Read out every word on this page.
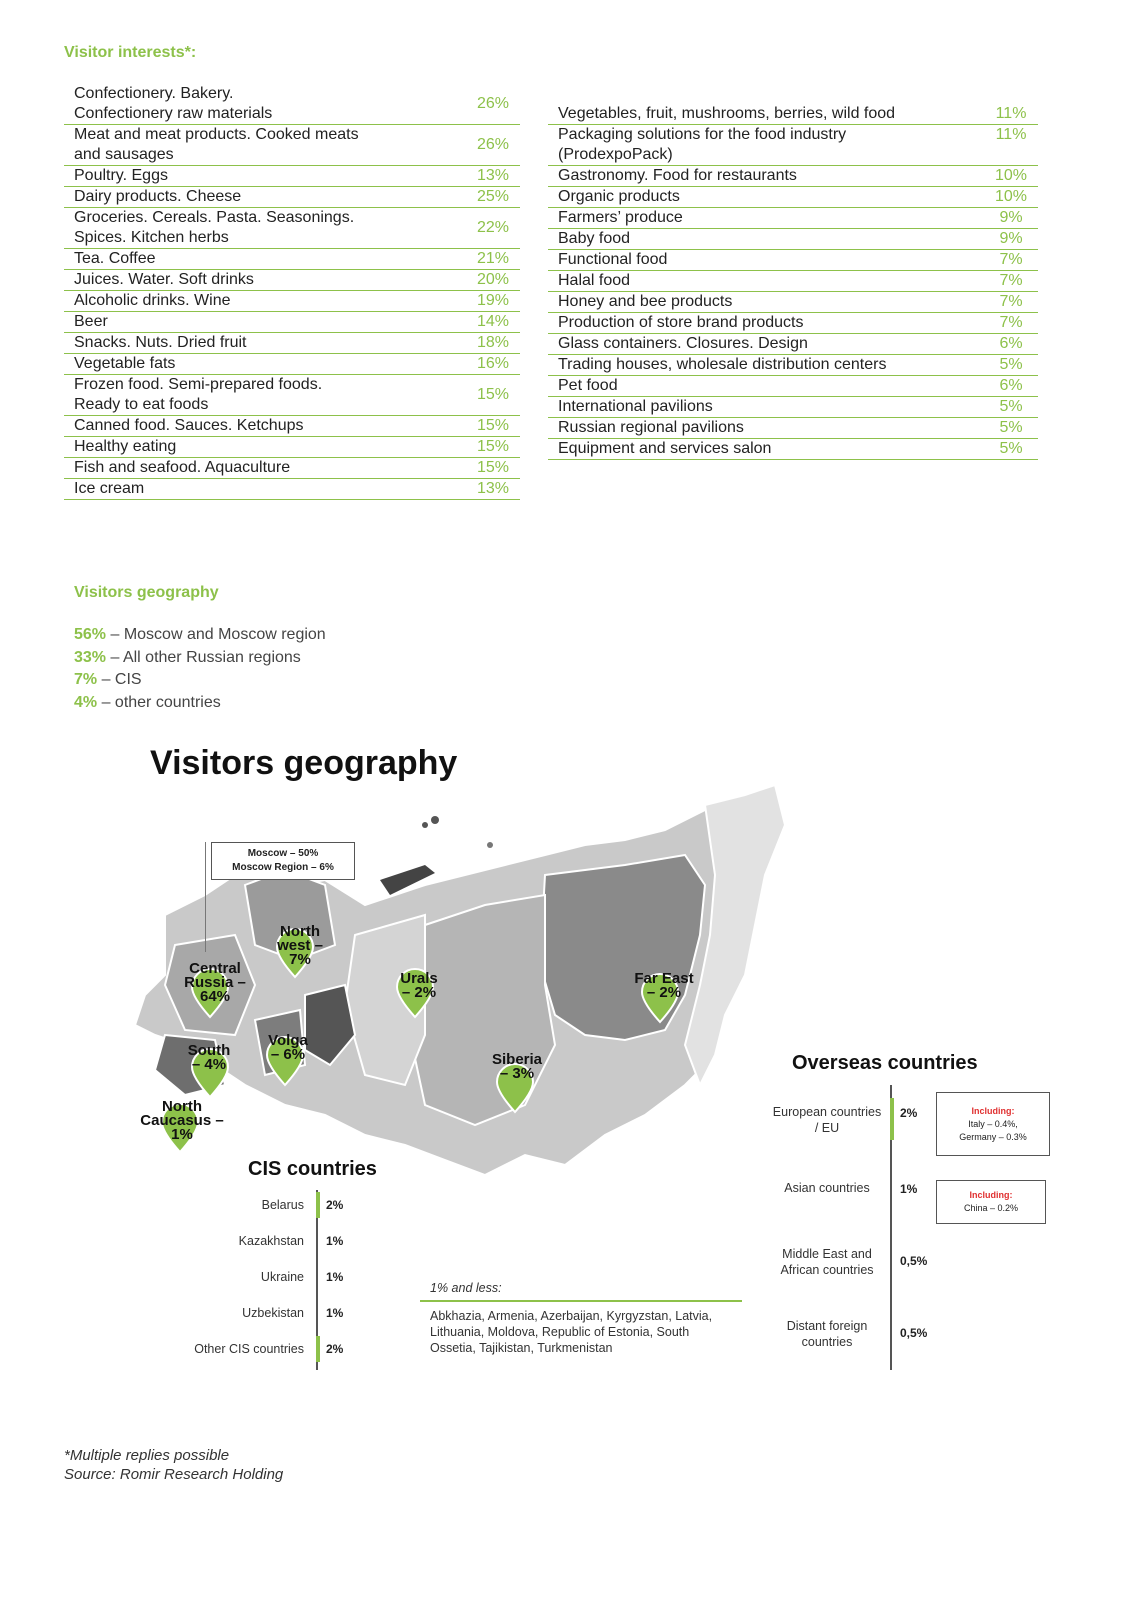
Visitor interests*:
Confectionery. Bakery.
Confectionery raw materials	26%
Meat and meat products. Cooked meats
and sausages	26%
Poultry. Eggs	13%
Dairy products. Cheese	25%
Groceries. Cereals. Pasta. Seasonings.
Spices. Kitchen herbs	22%
Tea. Coffee	21%
Juices. Water. Soft drinks	20%
Alcoholic drinks. Wine	19%
Beer	14%
Snacks. Nuts. Dried fruit	18%
Vegetable fats	16%
Frozen food. Semi-prepared foods.
Ready to eat foods	15%
Canned food. Sauces. Ketchups	15%
Healthy eating	15%
Fish and seafood. Aquaculture	15%
Ice cream	13%
Vegetables, fruit, mushrooms, berries, wild food	11%
Packaging solutions for the food industry
(ProdexpoPack)	11%
Gastronomy. Food for restaurants	10%
Organic products	10%
Farmers’ produce	9%
Baby food	9%
Functional food	7%
Halal food	7%
Honey and bee products	7%
Production of store brand products	7%
Glass containers. Closures. Design	6%
Trading houses, wholesale distribution centers	5%
Pet food	6%
International pavilions	5%
Russian regional pavilions	5%
Equipment and services salon	5%
Visitors geography
56% – Moscow and Moscow region
33% – All other Russian regions
7% – CIS
4% – other countries
Visitors geography
Moscow – 50%
Moscow Region – 6%
North west – 7%
Central Russia – 64%
Urals – 2%
Far East – 2%
South – 4%
Volga – 6%	Siberia – 3%
North Caucasus – 1%
CIS countries
Belarus 2%
Kazakhstan 1%
Ukraine 1%
Uzbekistan 1%
Other CIS countries 2%
1% and less:
Abkhazia, Armenia, Azerbaijan, Kyrgyzstan, Latvia, Lithuania, Moldova, Republic of Estonia, South Ossetia, Tajikistan, Turkmenistan
Overseas countries
European countries / EU
2%
Asian countries	1%
Middle East and African countries
0,5%
Distant foreign countries
0,5%
Including:
Italy – 0.4%, Germany – 0.3%
Including:
China – 0.2%
*Multiple replies possible
Source: Romir Research Holding
